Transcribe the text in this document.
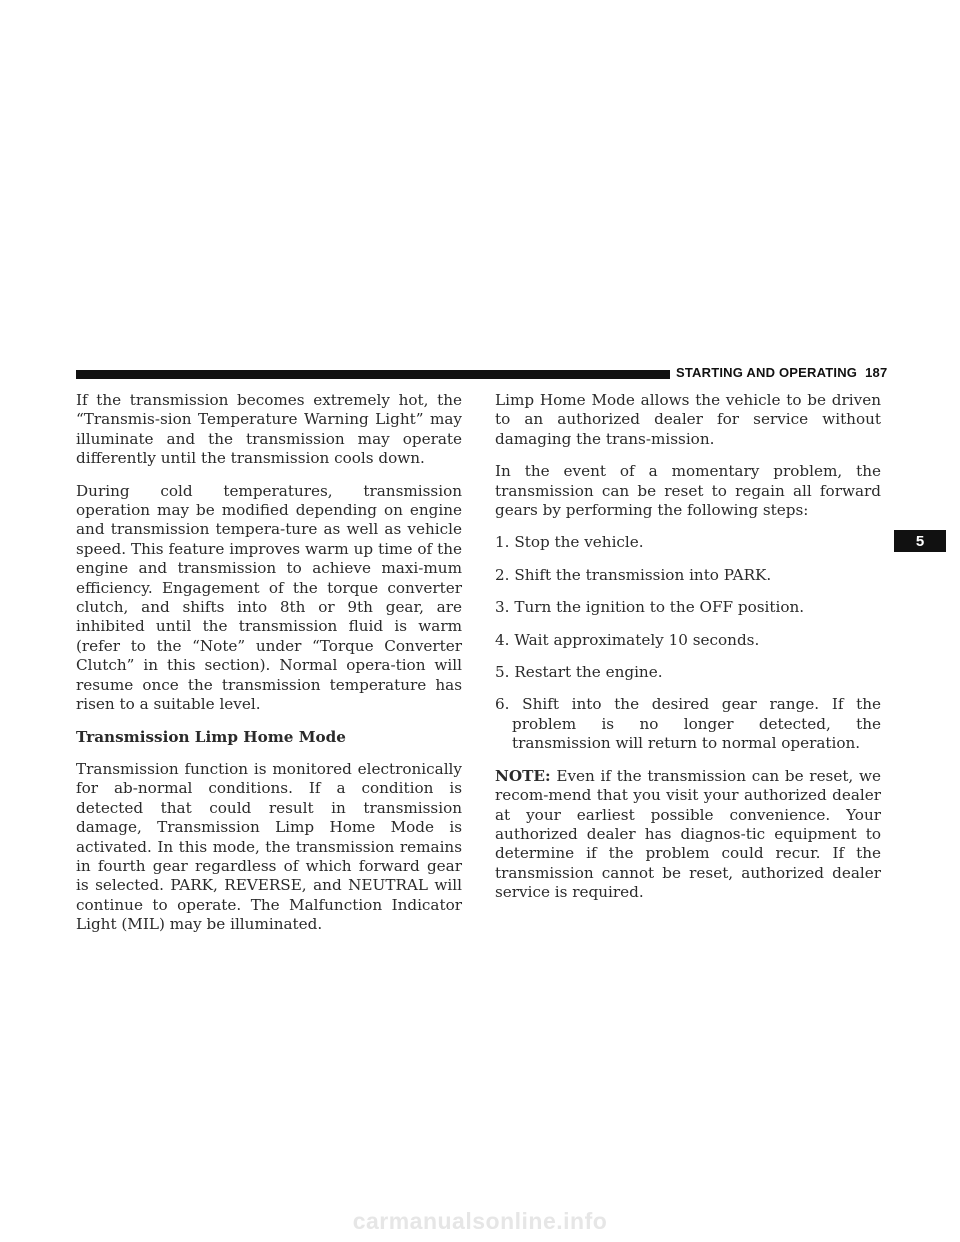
STARTING AND OPERATING 187

If the transmission becomes extremely hot, the “Transmis-sion Temperature Warning Light” may illuminate and the transmission may operate differently until the transmission cools down.

During cold temperatures, transmission operation may be modified depending on engine and transmission tempera-ture as well as vehicle speed. This feature improves warm up time of the engine and transmission to achieve maxi-mum efficiency. Engagement of the torque converter clutch, and shifts into 8th or 9th gear, are inhibited until the transmission fluid is warm (refer to the “Note” under “Torque Converter Clutch” in this section). Normal opera-tion will resume once the transmission temperature has risen to a suitable level.

Transmission Limp Home Mode

Transmission function is monitored electronically for ab-normal conditions. If a condition is detected that could result in transmission damage, Transmission Limp Home Mode is activated. In this mode, the transmission remains in fourth gear regardless of which forward gear is selected. PARK, REVERSE, and NEUTRAL will continue to operate. The Malfunction Indicator Light (MIL) may be illuminated.

Limp Home Mode allows the vehicle to be driven to an authorized dealer for service without damaging the trans-mission.

In the event of a momentary problem, the transmission can be reset to regain all forward gears by performing the following steps:

1. Stop the vehicle.
2. Shift the transmission into PARK.
3. Turn the ignition to the OFF position.
4. Wait approximately 10 seconds.
5. Restart the engine.
6. Shift into the desired gear range. If the problem is no longer detected, the transmission will return to normal operation.

NOTE: Even if the transmission can be reset, we recom-mend that you visit your authorized dealer at your earliest possible convenience. Your authorized dealer has diagnos-tic equipment to determine if the problem could recur. If the transmission cannot be reset, authorized dealer service is required.

5
carmanualsonline.info
